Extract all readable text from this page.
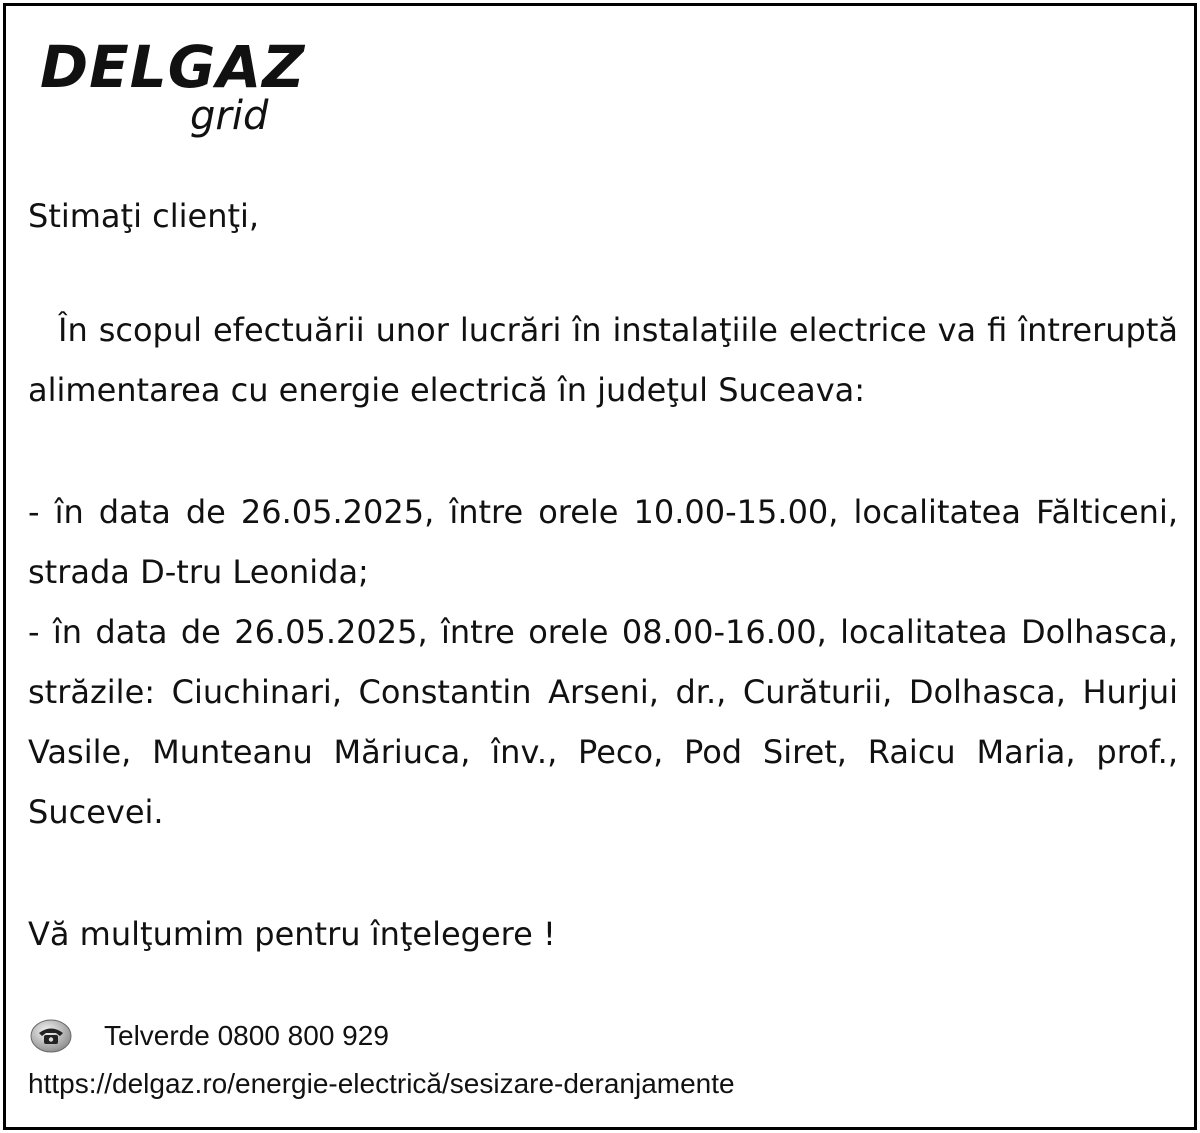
DELGAZ
grid

Stimaţi clienţi,

În scopul efectuării unor lucrări în instalaţiile electrice va fi întreruptă alimentarea cu energie electrică în judeţul Suceava:

- în data de 26.05.2025, între orele 10.00-15.00, localitatea Fălticeni, strada D-tru Leonida;

- în data de 26.05.2025, între orele 08.00-16.00, localitatea Dolhasca, străzile: Ciuchinari, Constantin Arseni, dr., Curăturii, Dolhasca, Hurjui Vasile, Munteanu Măriuca, înv., Peco, Pod Siret, Raicu Maria, prof., Sucevei.

Vă mulţumim pentru înţelegere !

Telverde 0800 800 929
https://delgaz.ro/energie-electrică/sesizare-deranjamente
